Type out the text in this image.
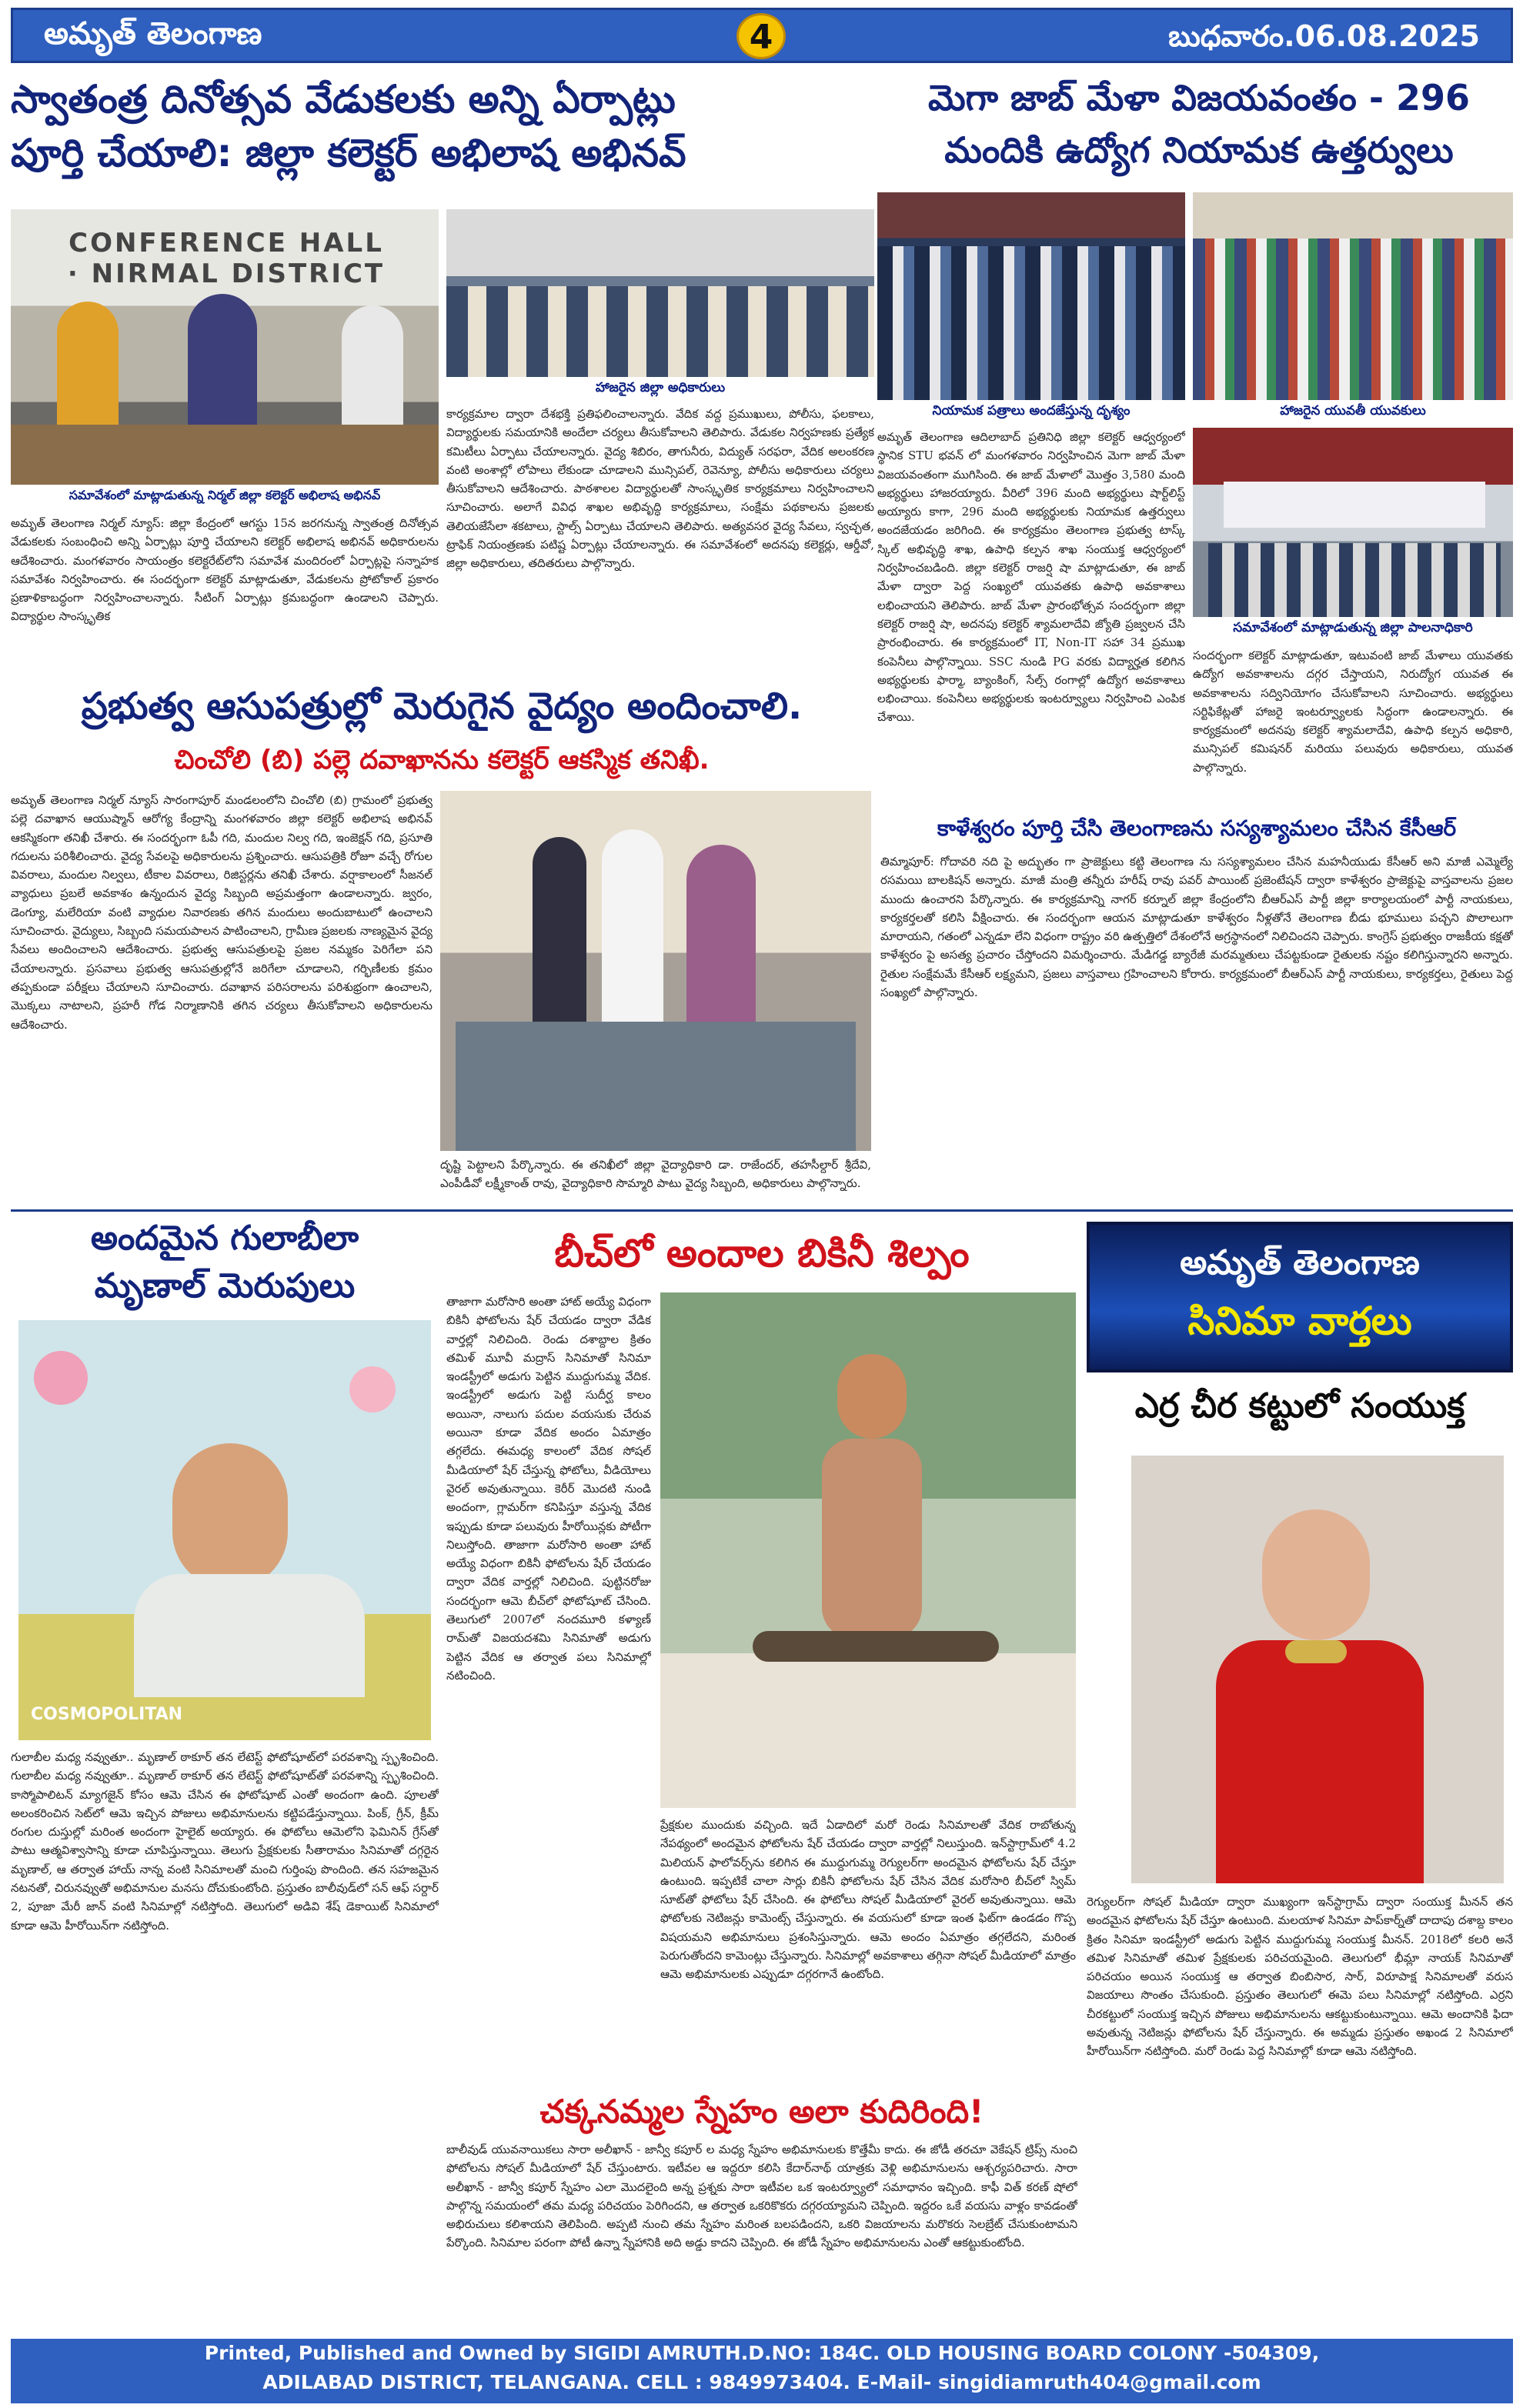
అమృత్ తెలంగాణ	4	బుధవారం.06.08.2025
స్వాతంత్ర దినోత్సవ వేడుకలకు అన్ని ఏర్పాట్లు
పూర్తి చేయాలి: జిల్లా కలెక్టర్ అభిలాష అభినవ్
CONFERENCE HALL · NIRMAL DISTRICT
సమావేశంలో మాట్లాడుతున్న నిర్మల్ జిల్లా కలెక్టర్ అభిలాష అభినవ్
హాజరైన జిల్లా అధికారులు
అమృత్ తెలంగాణ నిర్మల్ న్యూస్: జిల్లా కేంద్రంలో ఆగస్టు 15న జరగనున్న స్వాతంత్ర దినోత్సవ వేడుకలకు సంబంధించి అన్ని ఏర్పాట్లు పూర్తి చేయాలని కలెక్టర్ అభిలాష అభినవ్ అధికారులను ఆదేశించారు. మంగళవారం సాయంత్రం కలెక్టరేట్‌లోని సమావేశ మందిరంలో ఏర్పాట్లపై సన్నాహక సమావేశం నిర్వహించారు. ఈ సందర్భంగా కలెక్టర్ మాట్లాడుతూ, వేడుకలను ప్రోటోకాల్ ప్రకారం ప్రణాళికాబద్ధంగా నిర్వహించాలన్నారు. సీటింగ్ ఏర్పాట్లు క్రమబద్ధంగా ఉండాలని చెప్పారు. విద్యార్థుల సాంస్కృతిక
కార్యక్రమాల ద్వారా దేశభక్తి ప్రతిఫలించాలన్నారు. వేదిక వద్ద ప్రముఖులు, పోలీసు, ఫలకాలు, విద్యార్థులకు సమయానికి అందేలా చర్యలు తీసుకోవాలని తెలిపారు. వేడుకల నిర్వహణకు ప్రత్యేక కమిటీలు ఏర్పాటు చేయాలన్నారు. వైద్య శిబిరం, తాగునీరు, విద్యుత్ సరఫరా, వేదిక అలంకరణ వంటి అంశాల్లో లోపాలు లేకుండా చూడాలని మున్సిపల్, రెవెన్యూ, పోలీసు అధికారులు చర్యలు తీసుకోవాలని ఆదేశించారు. పాఠశాలల విద్యార్థులతో సాంస్కృతిక కార్యక్రమాలు నిర్వహించాలని సూచించారు. అలాగే వివిధ శాఖల అభివృద్ధి కార్యక్రమాలు, సంక్షేమ పథకాలను ప్రజలకు తెలియజేసేలా శకటాలు, స్టాల్స్ ఏర్పాటు చేయాలని తెలిపారు. అత్యవసర వైద్య సేవలు, స్వచ్ఛత, ట్రాఫిక్ నియంత్రణకు పటిష్ట ఏర్పాట్లు చేయాలన్నారు. ఈ సమావేశంలో అదనపు కలెక్టర్లు, ఆర్డీవో, జిల్లా అధికారులు, తదితరులు పాల్గొన్నారు.
మెగా జాబ్ మేళా విజయవంతం - 296
మందికి ఉద్యోగ నియామక ఉత్తర్వులు
నియామక పత్రాలు అందజేస్తున్న దృశ్యం	హాజరైన యువతీ యువకులు
అమృత్ తెలంగాణ ఆదిలాబాద్ ప్రతినిధి జిల్లా కలెక్టర్ ఆధ్వర్యంలో స్థానిక STU భవన్ లో మంగళవారం నిర్వహించిన మెగా జాబ్ మేళా విజయవంతంగా ముగిసింది. ఈ జాబ్ మేళాలో మొత్తం 3,580 మంది అభ్యర్థులు హాజరయ్యారు. వీరిలో 396 మంది అభ్యర్థులు షార్ట్‌లిస్ట్ అయ్యారు కాగా, 296 మంది అభ్యర్థులకు నియామక ఉత్తర్వులు అందజేయడం జరిగింది. ఈ కార్యక్రమం తెలంగాణ ప్రభుత్వ టాస్క్ స్కిల్ అభివృద్ధి శాఖ, ఉపాధి కల్పన శాఖ సంయుక్త ఆధ్వర్యంలో నిర్వహించబడింది. జిల్లా కలెక్టర్ రాజర్షి షా మాట్లాడుతూ, ఈ జాబ్ మేళా ద్వారా పెద్ద సంఖ్యలో యువతకు ఉపాధి అవకాశాలు లభించాయని తెలిపారు. జాబ్ మేళా ప్రారంభోత్సవ సందర్భంగా జిల్లా కలెక్టర్ రాజర్షి షా, అదనపు కలెక్టర్ శ్యామలాదేవి జ్యోతి ప్రజ్వలన చేసి ప్రారంభించారు. ఈ కార్యక్రమంలో IT, Non-IT సహా 34 ప్రముఖ కంపెనీలు పాల్గొన్నాయి. SSC నుండి PG వరకు విద్యార్హత కలిగిన అభ్యర్థులకు ఫార్మా, బ్యాంకింగ్, సేల్స్ రంగాల్లో ఉద్యోగ అవకాశాలు లభించాయి. కంపెనీలు అభ్యర్థులకు ఇంటర్వ్యూలు నిర్వహించి ఎంపిక చేశాయి.
సమావేశంలో మాట్లాడుతున్న జిల్లా పాలనాధికారి
సందర్భంగా కలెక్టర్ మాట్లాడుతూ, ఇటువంటి జాబ్ మేళాలు యువతకు ఉద్యోగ అవకాశాలను దగ్గర చేస్తాయని, నిరుద్యోగ యువత ఈ అవకాశాలను సద్వినియోగం చేసుకోవాలని సూచించారు. అభ్యర్థులు సర్టిఫికేట్లతో హాజరై ఇంటర్వ్యూలకు సిద్ధంగా ఉండాలన్నారు. ఈ కార్యక్రమంలో అదనపు కలెక్టర్ శ్యామలాదేవి, ఉపాధి కల్పన అధికారి, మున్సిపల్ కమిషనర్ మరియు పలువురు అధికారులు, యువత పాల్గొన్నారు.
ప్రభుత్వ ఆసుపత్రుల్లో మెరుగైన వైద్యం అందించాలి.
చించోలి (బి) పల్లె దవాఖానను కలెక్టర్ ఆకస్మిక తనిఖీ.
అమృత్ తెలంగాణ నిర్మల్ న్యూస్ సారంగాపూర్ మండలంలోని చించోలి (బి) గ్రామంలో ప్రభుత్వ పల్లె దవాఖాన ఆయుష్మాన్ ఆరోగ్య కేంద్రాన్ని మంగళవారం జిల్లా కలెక్టర్ అభిలాష అభినవ్ ఆకస్మికంగా తనిఖీ చేశారు. ఈ సందర్భంగా ఓపీ గది, మందుల నిల్వ గది, ఇంజెక్షన్ గది, ప్రసూతి గదులను పరిశీలించారు. వైద్య సేవలపై అధికారులను ప్రశ్నించారు. ఆసుపత్రికి రోజూ వచ్చే రోగుల వివరాలు, మందుల నిల్వలు, టీకాల వివరాలు, రిజిస్టర్లను తనిఖీ చేశారు. వర్షాకాలంలో సీజనల్ వ్యాధులు ప్రబలే అవకాశం ఉన్నందున వైద్య సిబ్బంది అప్రమత్తంగా ఉండాలన్నారు. జ్వరం, డెంగ్యూ, మలేరియా వంటి వ్యాధుల నివారణకు తగిన మందులు అందుబాటులో ఉంచాలని సూచించారు. వైద్యులు, సిబ్బంది సమయపాలన పాటించాలని, గ్రామీణ ప్రజలకు నాణ్యమైన వైద్య సేవలు అందించాలని ఆదేశించారు. ప్రభుత్వ ఆసుపత్రులపై ప్రజల నమ్మకం పెరిగేలా పని చేయాలన్నారు. ప్రసవాలు ప్రభుత్వ ఆసుపత్రుల్లోనే జరిగేలా చూడాలని, గర్భిణీలకు క్రమం తప్పకుండా పరీక్షలు చేయాలని సూచించారు. దవాఖాన పరిసరాలను పరిశుభ్రంగా ఉంచాలని, మొక్కలు నాటాలని, ప్రహరీ గోడ నిర్మాణానికి తగిన చర్యలు తీసుకోవాలని అధికారులను ఆదేశించారు.
దృష్టి పెట్టాలని పేర్కొన్నారు. ఈ తనిఖీలో జిల్లా వైద్యాధికారి డా. రాజేందర్, తహసీల్దార్ శ్రీదేవి, ఎంపీడీవో లక్ష్మీకాంత్ రావు, వైద్యాధికారి సొమ్మారి పాటు వైద్య సిబ్బంది, అధికారులు పాల్గొన్నారు.
కాళేశ్వరం పూర్తి చేసి తెలంగాణను సస్యశ్యామలం చేసిన కేసీఆర్
తిమ్మాపూర్: గోదావరి నది పై అద్భుతం గా ప్రాజెక్టులు కట్టి తెలంగాణ ను సస్యశ్యామలం చేసిన మహనీయుడు కేసీఆర్ అని మాజీ ఎమ్మెల్యే రసమయి బాలకిషన్ అన్నారు. మాజీ మంత్రి తన్నీరు హరీష్ రావు పవర్ పాయింట్ ప్రజెంటేషన్ ద్వారా కాళేశ్వరం ప్రాజెక్టుపై వాస్తవాలను ప్రజల ముందు ఉంచారని పేర్కొన్నారు. ఈ కార్యక్రమాన్ని నాగర్ కర్నూల్ జిల్లా కేంద్రంలోని బీఆర్ఎస్ పార్టీ జిల్లా కార్యాలయంలో పార్టీ నాయకులు, కార్యకర్తలతో కలిసి వీక్షించారు. ఈ సందర్భంగా ఆయన మాట్లాడుతూ కాళేశ్వరం నీళ్లతోనే తెలంగాణ బీడు భూములు పచ్చని పొలాలుగా మారాయని, గతంలో ఎన్నడూ లేని విధంగా రాష్ట్రం వరి ఉత్పత్తిలో దేశంలోనే అగ్రస్థానంలో నిలిచిందని చెప్పారు. కాంగ్రెస్ ప్రభుత్వం రాజకీయ కక్షతో కాళేశ్వరం పై అసత్య ప్రచారం చేస్తోందని విమర్శించారు. మేడిగడ్డ బ్యారేజీ మరమ్మతులు చేపట్టకుండా రైతులకు నష్టం కలిగిస్తున్నారని అన్నారు. రైతుల సంక్షేమమే కేసీఆర్ లక్ష్యమని, ప్రజలు వాస్తవాలు గ్రహించాలని కోరారు. కార్యక్రమంలో బీఆర్ఎస్ పార్టీ నాయకులు, కార్యకర్తలు, రైతులు పెద్ద సంఖ్యలో పాల్గొన్నారు.
అందమైన గులాబీలా
మృణాల్ మెరుపులు
COSMOPOLITAN
గులాబీల మధ్య నవ్వుతూ.. మృణాల్ ఠాకూర్ తన లేటెస్ట్ ఫోటోషూట్‌లో పరవశాన్ని స్పృశించింది. గులాబీల మధ్య నవ్వుతూ.. మృణాల్ ఠాకూర్ తన లేటెస్ట్ ఫోటోషూట్‌తో పరవశాన్ని స్పృశించింది. కాస్మోపాలిటన్ మ్యాగజైన్ కోసం ఆమె చేసిన ఈ ఫోటోషూట్ ఎంతో అందంగా ఉంది. పూలతో అలంకరించిన సెట్‌లో ఆమె ఇచ్చిన పోజులు అభిమానులను కట్టిపడేస్తున్నాయి. పింక్, గ్రీన్, క్రీమ్ రంగుల దుస్తుల్లో మరింత అందంగా హైలైట్ అయ్యారు. ఈ ఫోటోలు ఆమెలోని ఫెమినిన్ గ్రేస్‌తో పాటు ఆత్మవిశ్వాసాన్ని కూడా చూపిస్తున్నాయి. తెలుగు ప్రేక్షకులకు సీతారామం సినిమాతో దగ్గరైన మృణాల్, ఆ తర్వాత హాయ్ నాన్న వంటి సినిమాలతో మంచి గుర్తింపు పొందింది. తన సహజమైన నటనతో, చిరునవ్వుతో అభిమానుల మనసు దోచుకుంటోంది. ప్రస్తుతం బాలీవుడ్‌లో సన్ ఆఫ్ సర్దార్ 2, పూజా మేరీ జాన్ వంటి సినిమాల్లో నటిస్తోంది. తెలుగులో అడివి శేష్ డెకాయిట్ సినిమాలో కూడా ఆమె హీరోయిన్‌గా నటిస్తోంది.
బీచ్‌లో అందాల బికినీ శిల్పం
తాజాగా మరోసారి అంతా హాట్ అయ్యే విధంగా బికినీ ఫోటోలను షేర్ చేయడం ద్వారా వేడిక వార్తల్లో నిలిచింది. రెండు దశాబ్దాల క్రితం తమిళ్ మూవీ మద్రాస్ సినిమాతో సినిమా ఇండస్ట్రీలో అడుగు పెట్టిన ముద్దుగుమ్మ వేదిక. ఇండస్ట్రీలో అడుగు పెట్టి సుదీర్ఘ కాలం అయినా, నాలుగు పదుల వయసుకు చేరువ అయినా కూడా వేదిక అందం ఏమాత్రం తగ్గలేదు. ఈమధ్య కాలంలో వేదిక సోషల్ మీడియాలో షేర్ చేస్తున్న ఫోటోలు, వీడియోలు వైరల్ అవుతున్నాయి. కెరీర్ మొదటి నుండి అందంగా, గ్లామర్‌గా కనిపిస్తూ వస్తున్న వేదిక ఇప్పుడు కూడా పలువురు హీరోయిన్లకు పోటీగా నిలుస్తోంది. తాజాగా మరోసారి అంతా హాట్ అయ్యే విధంగా బికినీ ఫోటోలను షేర్ చేయడం ద్వారా వేదిక వార్తల్లో నిలిచింది. పుట్టినరోజు సందర్భంగా ఆమె బీచ్‌లో ఫోటోషూట్ చేసింది. తెలుగులో 2007లో నందమూరి కళ్యాణ్ రామ్‌తో విజయదశమి సినిమాతో అడుగు పెట్టిన వేదిక ఆ తర్వాత పలు సినిమాల్లో నటించింది.
ప్రేక్షకుల ముందుకు వచ్చింది. ఇదే ఏడాదిలో మరో రెండు సినిమాలతో వేదిక రాబోతున్న నేపథ్యంలో అందమైన ఫోటోలను షేర్ చేయడం ద్వారా వార్తల్లో నిలుస్తుంది. ఇన్‌స్టాగ్రామ్‌లో 4.2 మిలియన్ ఫాలోవర్స్‌ను కలిగిన ఈ ముద్దుగుమ్మ రెగ్యులర్‌గా అందమైన ఫోటోలను షేర్ చేస్తూ ఉంటుంది. ఇప్పటికే చాలా సార్లు బికినీ ఫోటోలను షేర్ చేసిన వేదిక మరోసారి బీచ్‌లో స్విమ్ సూట్‌తో ఫోటోలు షేర్ చేసింది. ఈ ఫోటోలు సోషల్ మీడియాలో వైరల్ అవుతున్నాయి. ఆమె ఫోటోలకు నెటిజన్లు కామెంట్స్ చేస్తున్నారు. ఈ వయసులో కూడా ఇంత ఫిట్‌గా ఉండడం గొప్ప విషయమని అభిమానులు ప్రశంసిస్తున్నారు. ఆమె అందం ఏమాత్రం తగ్గలేదని, మరింత పెరుగుతోందని కామెంట్లు చేస్తున్నారు. సినిమాల్లో అవకాశాలు తగ్గినా సోషల్ మీడియాలో మాత్రం ఆమె అభిమానులకు ఎప్పుడూ దగ్గరగానే ఉంటోంది.
అమృత్ తెలంగాణ
సినిమా వార్తలు
ఎర్ర చీర కట్టులో సంయుక్త
రెగ్యులర్‌గా సోషల్ మీడియా ద్వారా ముఖ్యంగా ఇన్‌స్టాగ్రామ్ ద్వారా సంయుక్త మీనన్ తన అందమైన ఫోటోలను షేర్ చేస్తూ ఉంటుంది. మలయాళ సినిమా పాప్‌కార్న్‌తో దాదాపు దశాబ్ద కాలం క్రితం సినిమా ఇండస్ట్రీలో అడుగు పెట్టిన ముద్దుగుమ్మ సంయుక్త మీనన్. 2018లో కలరి అనే తమిళ సినిమాతో తమిళ ప్రేక్షకులకు పరిచయమైంది. తెలుగులో భీమ్లా నాయక్ సినిమాతో పరిచయం అయిన సంయుక్త ఆ తర్వాత బింబిసార, సార్, విరూపాక్ష సినిమాలతో వరుస విజయాలు సొంతం చేసుకుంది. ప్రస్తుతం తెలుగులో ఈమె పలు సినిమాల్లో నటిస్తోంది. ఎర్రని చీరకట్టులో సంయుక్త ఇచ్చిన పోజులు అభిమానులను ఆకట్టుకుంటున్నాయి. ఆమె అందానికి ఫిదా అవుతున్న నెటిజన్లు ఫోటోలను షేర్ చేస్తున్నారు. ఈ అమ్మడు ప్రస్తుతం అఖండ 2 సినిమాలో హీరోయిన్‌గా నటిస్తోంది. మరో రెండు పెద్ద సినిమాల్లో కూడా ఆమె నటిస్తోంది.
చక్కనమ్మల స్నేహం అలా కుదిరింది!
బాలీవుడ్ యువనాయికలు సారా అలీఖాన్ - జాన్వీ కపూర్ ల మధ్య స్నేహం అభిమానులకు కొత్తేమీ కాదు. ఈ జోడీ తరచూ వెకేషన్ ట్రిప్స్ నుంచి ఫోటోలను సోషల్ మీడియాలో షేర్ చేస్తుంటారు. ఇటీవల ఆ ఇద్దరూ కలిసి కేదార్‌నాథ్ యాత్రకు వెళ్లి అభిమానులను ఆశ్చర్యపరిచారు. సారా అలీఖాన్ - జాన్వీ కపూర్ స్నేహం ఎలా మొదలైంది అన్న ప్రశ్నకు సారా ఇటీవల ఒక ఇంటర్వ్యూలో సమాధానం ఇచ్చింది. కాఫీ విత్ కరణ్ షోలో పాల్గొన్న సమయంలో తమ మధ్య పరిచయం పెరిగిందని, ఆ తర్వాత ఒకరికొకరు దగ్గరయ్యామని చెప్పింది. ఇద్దరం ఒకే వయసు వాళ్లం కావడంతో అభిరుచులు కలిశాయని తెలిపింది. అప్పటి నుంచి తమ స్నేహం మరింత బలపడిందని, ఒకరి విజయాలను మరొకరు సెలబ్రేట్ చేసుకుంటామని పేర్కొంది. సినిమాల పరంగా పోటీ ఉన్నా స్నేహానికి అది అడ్డు కాదని చెప్పింది. ఈ జోడీ స్నేహం అభిమానులను ఎంతో ఆకట్టుకుంటోంది.
Printed, Published and Owned by SIGIDI AMRUTH.D.NO: 184C. OLD HOUSING BOARD COLONY -504309,
ADILABAD DISTRICT, TELANGANA. CELL : 9849973404. E-Mail- singidiamruth404@gmail.com
